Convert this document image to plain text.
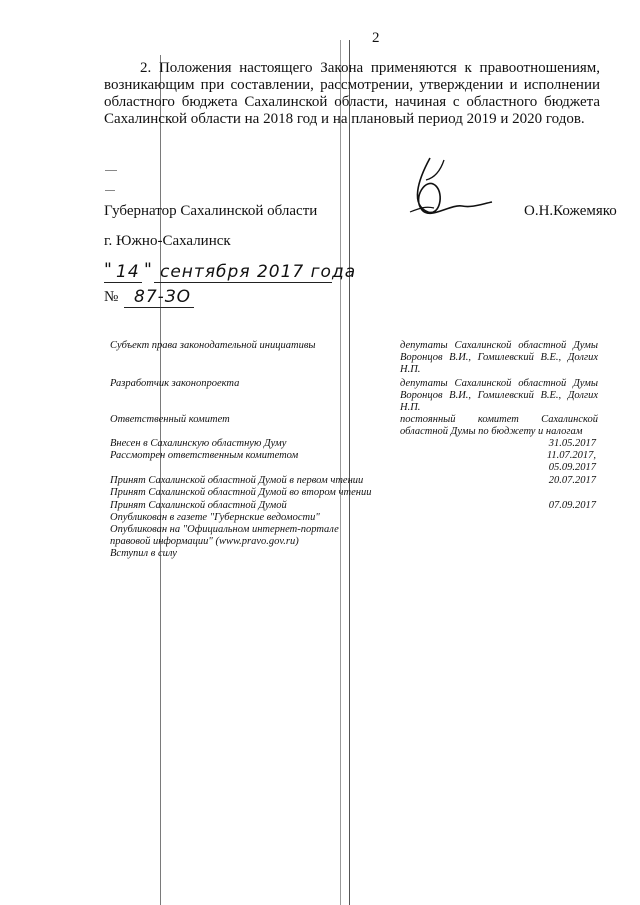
2
2. Положения настоящего Закона применяются к правоотношениям, возникающим при составлении, рассмотрении, утверждении и исполнении областного бюджета Сахалинской области, начиная с областного бюджета Сахалинской области на 2018 год и на плановый период 2019 и 2020 годов.
Губернатор Сахалинской области	О.Н.Кожемяко
г. Южно-Сахалинск
" 14 " сентября 2017 года
№ 87-ЗО
Субъект права законодательной инициативы	депутаты Сахалинской областной Думы Воронцов В.И., Гомилевский В.Е., Долгих Н.П.
Разработчик законопроекта	депутаты Сахалинской областной Думы Воронцов В.И., Гомилевский В.Е., Долгих Н.П.
Ответственный комитет	постоянный комитет Сахалинской областной Думы по бюджету и налогам
Внесен в Сахалинскую областную Думу	31.05.2017
Рассмотрен ответственным комитетом	11.07.2017,
05.09.2017
Принят Сахалинской областной Думой в первом чтении	20.07.2017
Принят Сахалинской областной Думой во втором чтении
Принят Сахалинской областной Думой	07.09.2017
Опубликован в газете "Губернские ведомости"
Опубликован на "Официальном интернет-портале правовой информации" (www.pravo.gov.ru)
Вступил в силу
